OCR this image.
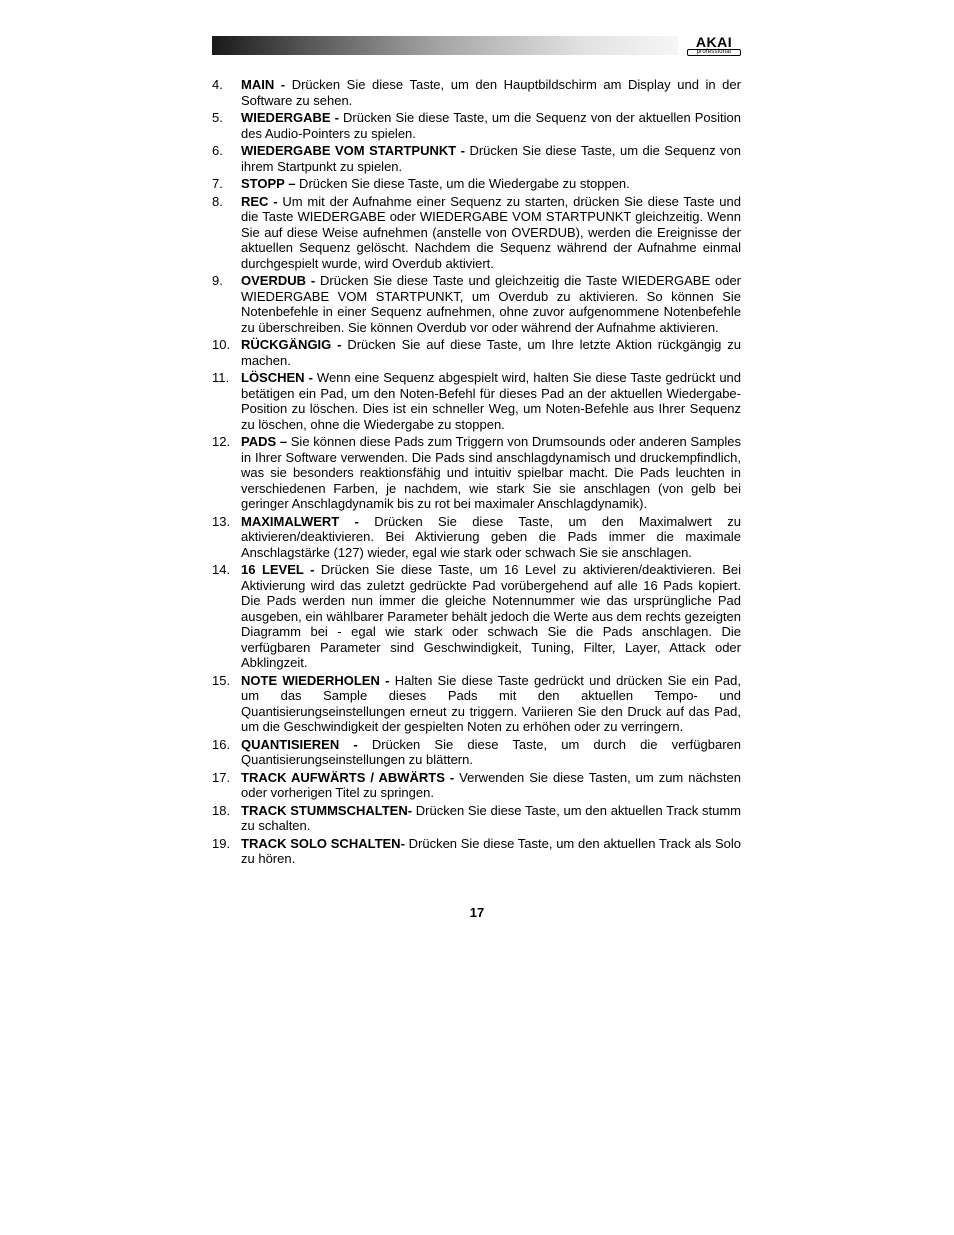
AKAI
professional
4.	MAIN - Drücken Sie diese Taste, um den Hauptbildschirm am Display und in der Software zu sehen.
5.	WIEDERGABE - Drücken Sie diese Taste, um die Sequenz von der aktuellen Position des Audio-Pointers zu spielen.
6.	WIEDERGABE VOM STARTPUNKT - Drücken Sie diese Taste, um die Sequenz von ihrem Startpunkt zu spielen.
7.	STOPP – Drücken Sie diese Taste, um die Wiedergabe zu stoppen.
8.	REC - Um mit der Aufnahme einer Sequenz zu starten, drücken Sie diese Taste und die Taste WIEDERGABE oder WIEDERGABE VOM STARTPUNKT gleichzeitig. Wenn Sie auf diese Weise aufnehmen (anstelle von OVERDUB), werden die Ereignisse der aktuellen Sequenz gelöscht. Nachdem die Sequenz während der Aufnahme einmal durchgespielt wurde, wird Overdub aktiviert.
9.	OVERDUB - Drücken Sie diese Taste und gleichzeitig die Taste WIEDERGABE oder WIEDERGABE VOM STARTPUNKT, um Overdub zu aktivieren. So können Sie Notenbefehle in einer Sequenz aufnehmen, ohne zuvor aufgenommene Notenbefehle zu überschreiben. Sie können Overdub vor oder während der Aufnahme aktivieren.
10. RÜCKGÄNGIG - Drücken Sie auf diese Taste, um Ihre letzte Aktion rückgängig zu machen.
11. LÖSCHEN - Wenn eine Sequenz abgespielt wird, halten Sie diese Taste gedrückt und betätigen ein Pad, um den Noten-Befehl für dieses Pad an der aktuellen Wiedergabe-Position zu löschen. Dies ist ein schneller Weg, um Noten-Befehle aus Ihrer Sequenz zu löschen, ohne die Wiedergabe zu stoppen.
12. PADS – Sie können diese Pads zum Triggern von Drumsounds oder anderen Samples in Ihrer Software verwenden. Die Pads sind anschlagdynamisch und druckempfindlich, was sie besonders reaktionsfähig und intuitiv spielbar macht. Die Pads leuchten in verschiedenen Farben, je nachdem, wie stark Sie sie anschlagen (von gelb bei geringer Anschlagdynamik bis zu rot bei maximaler Anschlagdynamik).
13. MAXIMALWERT - Drücken Sie diese Taste, um den Maximalwert zu aktivieren/deaktivieren. Bei Aktivierung geben die Pads immer die maximale Anschlagstärke (127) wieder, egal wie stark oder schwach Sie sie anschlagen.
14. 16 LEVEL - Drücken Sie diese Taste, um 16 Level zu aktivieren/deaktivieren. Bei Aktivierung wird das zuletzt gedrückte Pad vorübergehend auf alle 16 Pads kopiert. Die Pads werden nun immer die gleiche Notennummer wie das ursprüngliche Pad ausgeben, ein wählbarer Parameter behält jedoch die Werte aus dem rechts gezeigten Diagramm bei - egal wie stark oder schwach Sie die Pads anschlagen. Die verfügbaren Parameter sind Geschwindigkeit, Tuning, Filter, Layer, Attack oder Abklingzeit.
15. NOTE WIEDERHOLEN - Halten Sie diese Taste gedrückt und drücken Sie ein Pad, um das Sample dieses Pads mit den aktuellen Tempo- und Quantisierungseinstellungen erneut zu triggern. Variieren Sie den Druck auf das Pad, um die Geschwindigkeit der gespielten Noten zu erhöhen oder zu verringern.
16. QUANTISIEREN - Drücken Sie diese Taste, um durch die verfügbaren Quantisierungseinstellungen zu blättern.
17. TRACK AUFWÄRTS / ABWÄRTS - Verwenden Sie diese Tasten, um zum nächsten oder vorherigen Titel zu springen.
18. TRACK STUMMSCHALTEN- Drücken Sie diese Taste, um den aktuellen Track stumm zu schalten.
19. TRACK SOLO SCHALTEN- Drücken Sie diese Taste, um den aktuellen Track als Solo zu hören.
17
